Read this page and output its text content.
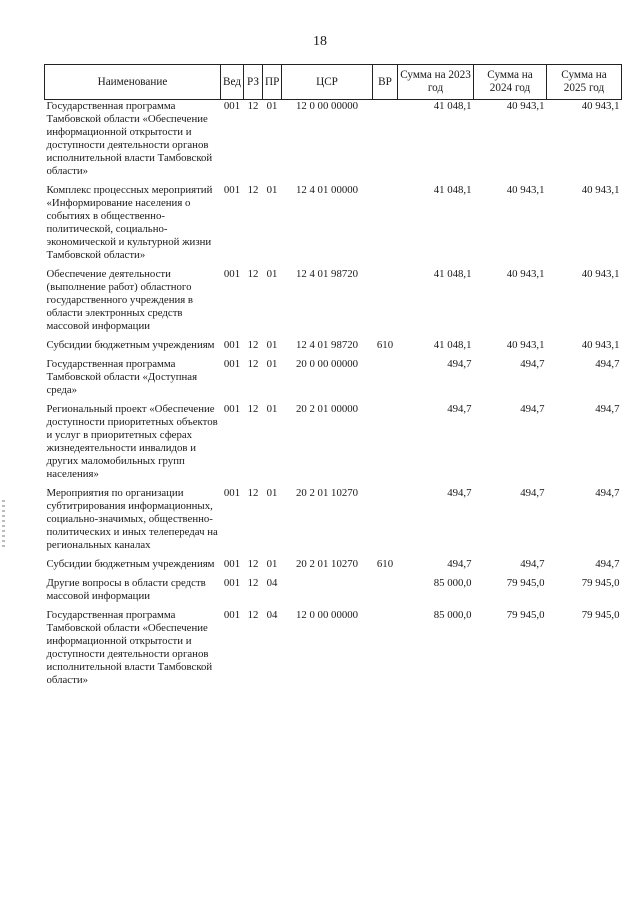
18
Наименование	Вед	РЗ	ПР	ЦСР	ВР	Сумма на 2023 год	Сумма на 2024 год	Сумма на 2025 год
Государственная программа Тамбовской области «Обеспечение информационной открытости и доступности деятельности органов исполнительной власти Тамбовской области»	001	12	01	12 0 00 00000		41 048,1	40 943,1	40 943,1
Комплекс процессных мероприятий «Информирование населения о событиях в общественно-политической, социально-экономической и культурной жизни Тамбовской области»	001	12	01	12 4 01 00000		41 048,1	40 943,1	40 943,1
Обеспечение деятельности (выполнение работ) областного государственного учреждения в области электронных средств массовой информации	001	12	01	12 4 01 98720		41 048,1	40 943,1	40 943,1
Субсидии бюджетным учреждениям	001	12	01	12 4 01 98720	610	41 048,1	40 943,1	40 943,1
Государственная программа Тамбовской области «Доступная среда»	001	12	01	20 0 00 00000		494,7	494,7	494,7
Региональный проект «Обеспечение доступности приоритетных объектов и услуг в приоритетных сферах жизнедеятельности инвалидов и других маломобильных групп населения»	001	12	01	20 2 01 00000		494,7	494,7	494,7
Мероприятия по организации субтитрирования информационных, социально-значимых, общественно-политических и иных телепередач на региональных каналах	001	12	01	20 2 01 10270		494,7	494,7	494,7
Субсидии бюджетным учреждениям	001	12	01	20 2 01 10270	610	494,7	494,7	494,7
Другие вопросы в области средств массовой информации	001	12	04			85 000,0	79 945,0	79 945,0
Государственная программа Тамбовской области «Обеспечение информационной открытости и доступности деятельности органов исполнительной власти Тамбовской области»	001	12	04	12 0 00 00000		85 000,0	79 945,0	79 945,0
